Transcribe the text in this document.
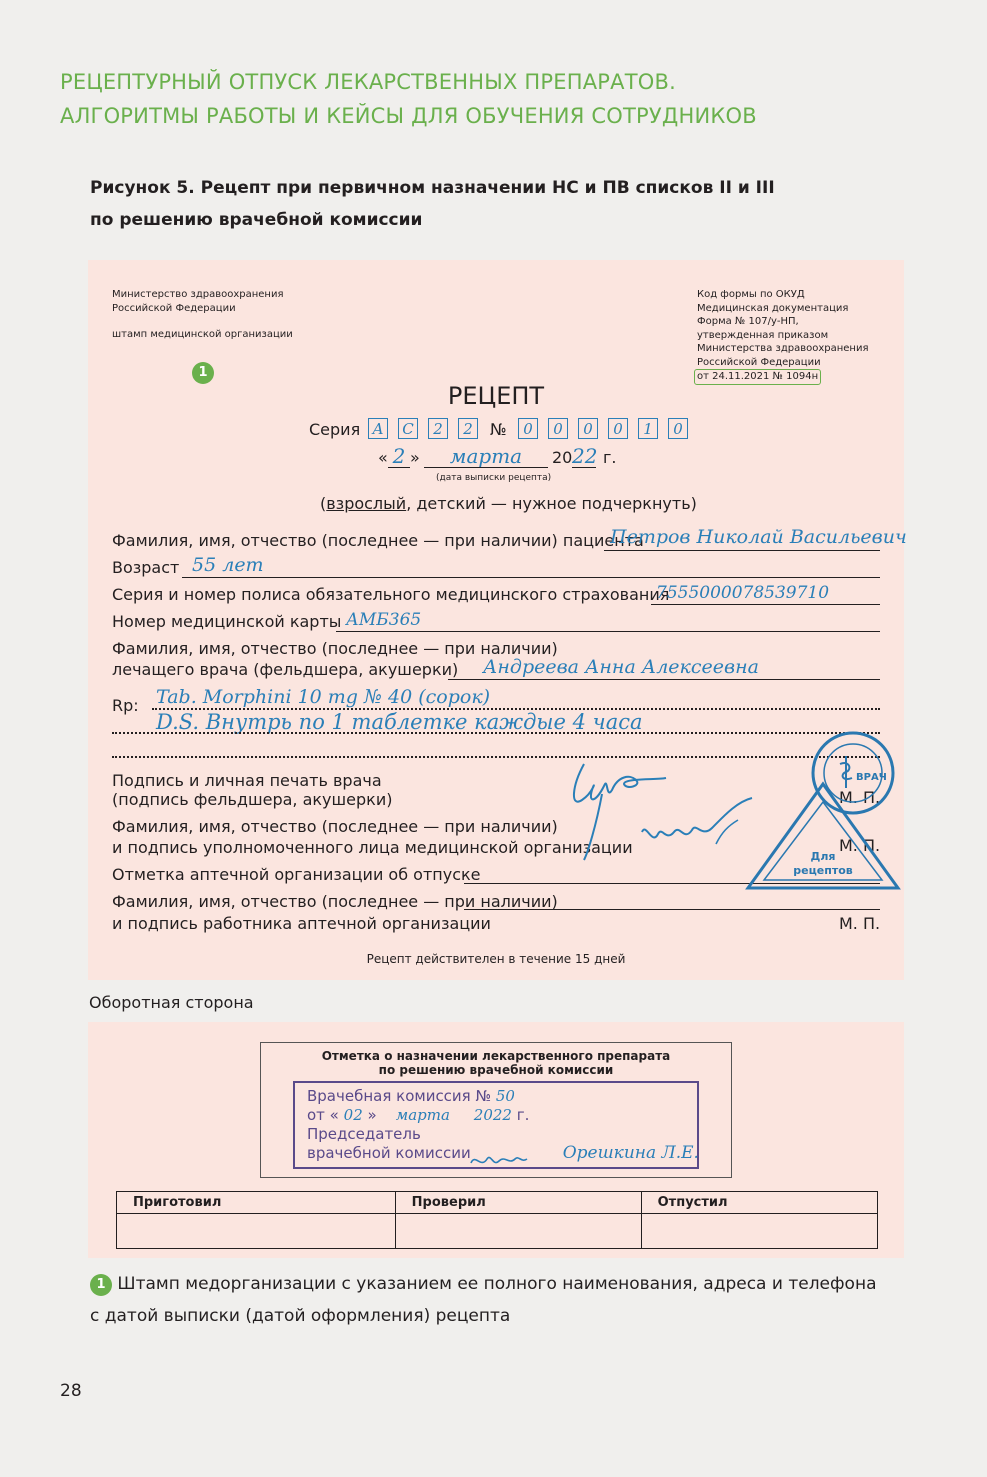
РЕЦЕПТУРНЫЙ ОТПУСК ЛЕКАРСТВЕННЫХ ПРЕПАРАТОВ.
АЛГОРИТМЫ РАБОТЫ И КЕЙСЫ ДЛЯ ОБУЧЕНИЯ СОТРУДНИКОВ
Рисунок 5. Рецепт при первичном назначении НС и ПВ списков II и III
по решению врачебной комиссии
Министерство здравоохранения
Российской Федерации
штамп медицинской организации
Код формы по ОКУД
Медицинская документация
Форма № 107/у-НП,
утвержденная приказом
Министерства здравоохранения
Российской Федерации
от 24.11.2021 № 1094н
1
РЕЦЕПТ
Серия А С	2	2	№	0	0	0	0	1	0
« 2 »	марта	20 22 г.
(дата выписки рецепта)
(взрослый, детский — нужное подчеркнуть)
Фамилия, имя, отчество (последнее — при наличии) пациента
Петров Николай Васильевич
Возраст 55 лет
Серия и номер полиса обязательного медицинского страхования
7555000078539710
Номер медицинской карты АМБ365
Фамилия, имя, отчество (последнее — при наличии)
лечащего врача (фельдшера, акушерки) Андреева Анна Алексеевна
Rp: Tab. Morphini 10 mg № 40 (сорок)
D.S. Внутрь по 1 таблетке каждые 4 часа
Подпись и личная печать врача
(подпись фельдшера, акушерки)	М. П.
Фамилия, имя, отчество (последнее — при наличии)
и подпись уполномоченного лица медицинской организации	М. П.
Отметка аптечной организации об отпуске
Фамилия, имя, отчество (последнее — при наличии)
и подпись работника аптечной организации	М. П.
Рецепт действителен в течение 15 дней
ВРАЧ
Для
рецептов
Оборотная сторона
Отметка о назначении лекарственного препарата
по решению врачебной комиссии
Врачебная комиссия № 50
от « 02 » марта 2022 г.
Председатель
врачебной комиссии	Орешкина Л.Е.
Приготовил	Проверил	Отпустил

1 Штамп медорганизации с указанием ее полного наименования, адреса и телефона
с датой выписки (датой оформления) рецепта
28
